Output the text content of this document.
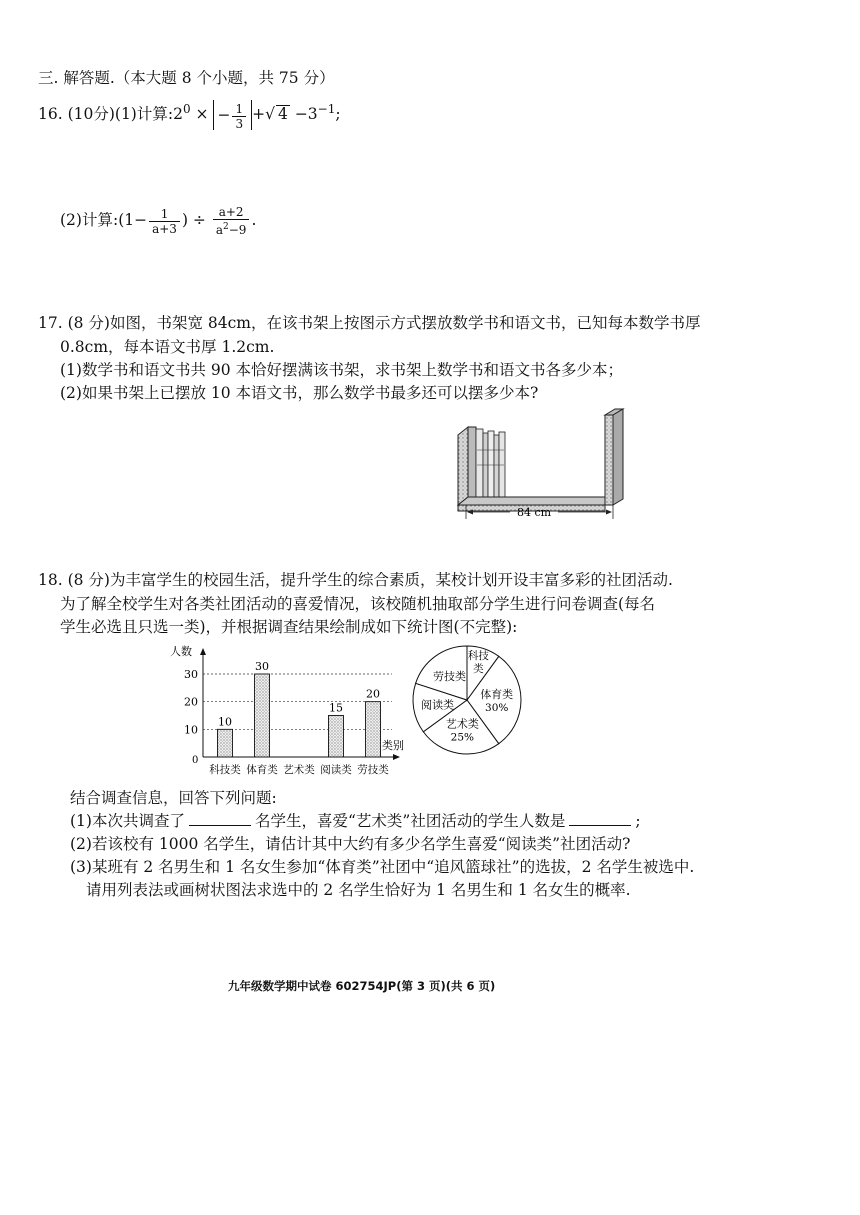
三. 解答题.（本大题 8 个小题，共 75 分）
16. (10分)(1)计算$:2^0$ × − $\frac{1}{3}$ +√ $4 -3^{-1}$;
(2)计算:(1− $\frac{1}{a+3}$ ) ÷ $\frac{a+2}{a^2-9}$ .
17. (8 分)如图，书架宽 84cm，在该书架上按图示方式摆放数学书和语文书，已知每本数学书厚
0.8cm，每本语文书厚 1.2cm.
(1)数学书和语文书共 90 本恰好摆满该书架，求书架上数学书和语文书各多少本；
(2)如果书架上已摆放 10 本语文书，那么数学书最多还可以摆多少本?
84 cm
18. (8 分)为丰富学生的校园生活，提升学生的综合素质，某校计划开设丰富多彩的社团活动.
为了解全校学生对各类社团活动的喜爱情况，该校随机抽取部分学生进行问卷调查(每名
学生必选且只选一类)，并根据调查结果绘制成如下统计图(不完整):
人数
类别
0
10
20
30
科技类
10
体育类
30
艺术类 阅读类
15
劳技类
20	体育类
30%
艺术类
25%
阅读类
劳技类
科技
类
结合调查信息，回答下列问题:
(1)本次共调查了	名学生，喜爱“艺术类”社团活动的学生人数是	;
(2)若该校有 1000 名学生，请估计其中大约有多少名学生喜爱“阅读类”社团活动?
(3)某班有 2 名男生和 1 名女生参加“体育类”社团中“追风篮球社”的选拔，2 名学生被选中.
请用列表法或画树状图法求选中的 2 名学生恰好为 1 名男生和 1 名女生的概率.
九年级数学期中试卷 602754JP(第 3 页)(共 6 页)
